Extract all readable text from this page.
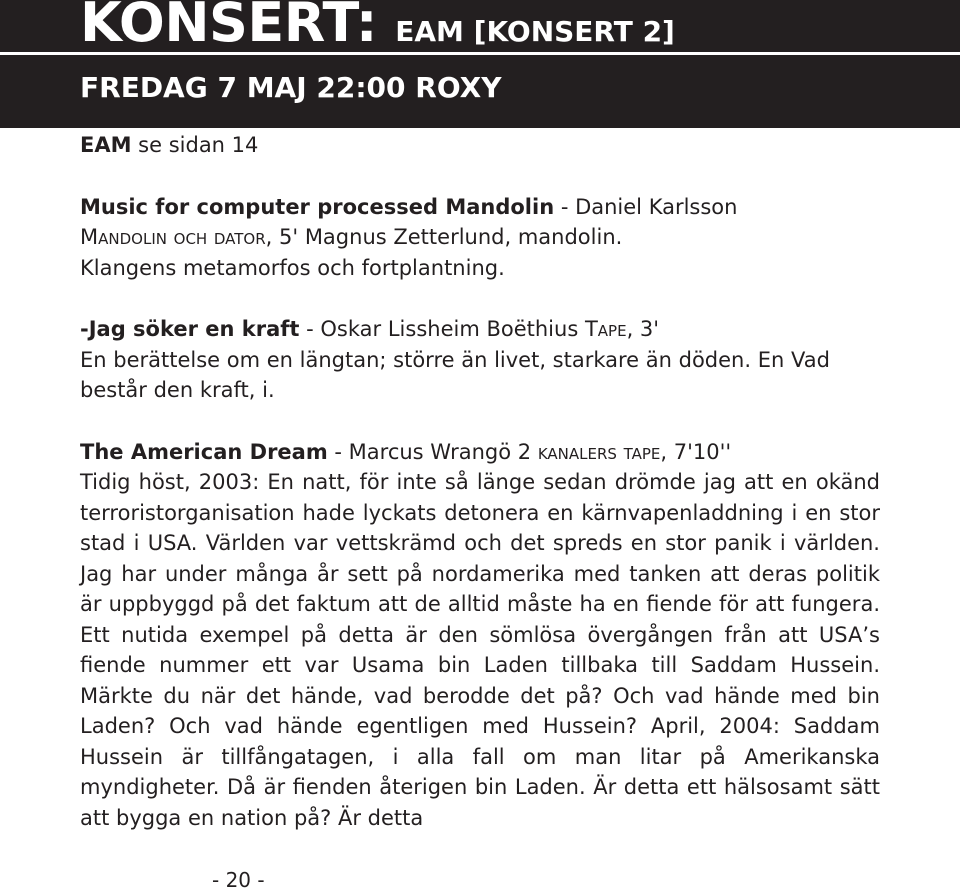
KONSERT: EAM [KONSERT 2]
FREDAG 7 MAJ 22:00 ROXY

EAM se sidan 14

Music for computer processed Mandolin - Daniel Karlsson

Mandolin och dator, 5' Magnus Zetterlund, mandolin.

Klangens metamorfos och fortplantning.

-Jag söker en kraft - Oskar Lissheim Boëthius Tape, 3'

En berättelse om en längtan; större än livet, starkare än döden. En Vad består den kraft, i.

The American Dream - Marcus Wrangö 2 kanalers tape, 7'10''

Tidig höst, 2003: En natt, för inte så länge sedan drömde jag att en okänd terroristorganisation hade lyckats detonera en kärnvapenladdning i en stor stad i USA. Världen var vettskrämd och det spreds en stor panik i världen. Jag har under många år sett på nordamerika med tanken att deras politik är uppbyggd på det faktum att de alltid måste ha en fiende för att fungera. Ett nutida exempel på detta är den sömlösa övergången från att USA’s fiende nummer ett var Usama bin Laden tillbaka till Saddam Hussein. Märkte du när det hände, vad berodde det på? Och vad hände med bin Laden? Och vad hände egentligen med Hussein? April, 2004: Saddam Hussein är tillfångatagen, i alla fall om man litar på Amerikanska myndigheter. Då är fienden återigen bin Laden. Är detta ett hälsosamt sätt att bygga en nation på? Är detta

- 20 -
